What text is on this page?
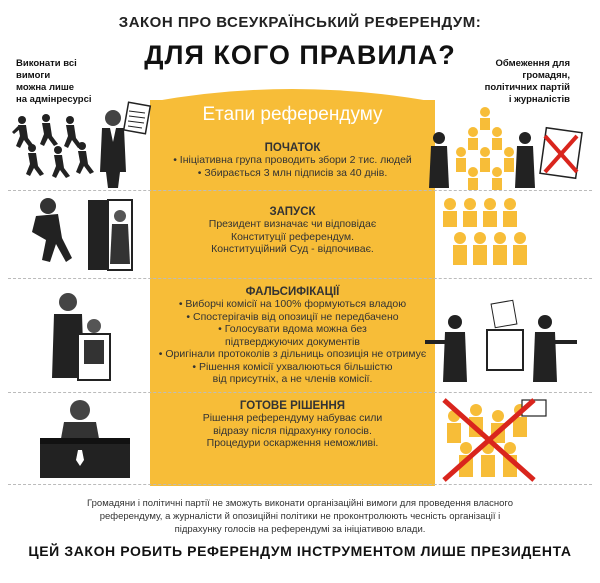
ЗАКОН ПРО ВСЕУКРАЇНСЬКИЙ РЕФЕРЕНДУМ:
ДЛЯ КОГО ПРАВИЛА?
Виконати всі
вимоги
можна лише
на адмінресурсі
Обмеження для
громадян,
політичних партій
і журналістів
Етапи референдуму
ПОЧАТОК
• Ініціативна група проводить збори 2 тис. людей
• Збирається 3 млн підписів за 40 днів.
ЗАПУСК
Президент визначає чи відповідає
Конституції референдум.
Конституційний Суд - відпочиває.
ФАЛЬСИФІКАЦІЇ
• Виборчі комісії на 100% формуються владою
• Спостерігачів від опозиції не передбачено
• Голосувати вдома можна без
підтверджуючих документів
• Оригінали протоколів з дільниць опозиція не отримує
• Рішення комісії ухвалюються більшістю
від присутніх, а не членів комісії.
ГОТОВЕ РІШЕННЯ
Рішення референдуму набуває сили
відразу після підрахунку голосів.
Процедури оскарження неможливі.
Громадяни і політичні партії не зможуть виконати організаційні вимоги для проведення власного
референдуму, а журналісти й опозиційні політики не проконтролюють чесність організації і
підрахунку голосів на референдумі за ініціативою влади.
ЦЕЙ ЗАКОН РОБИТЬ РЕФЕРЕНДУМ ІНСТРУМЕНТОМ ЛИШЕ ПРЕЗИДЕНТА
